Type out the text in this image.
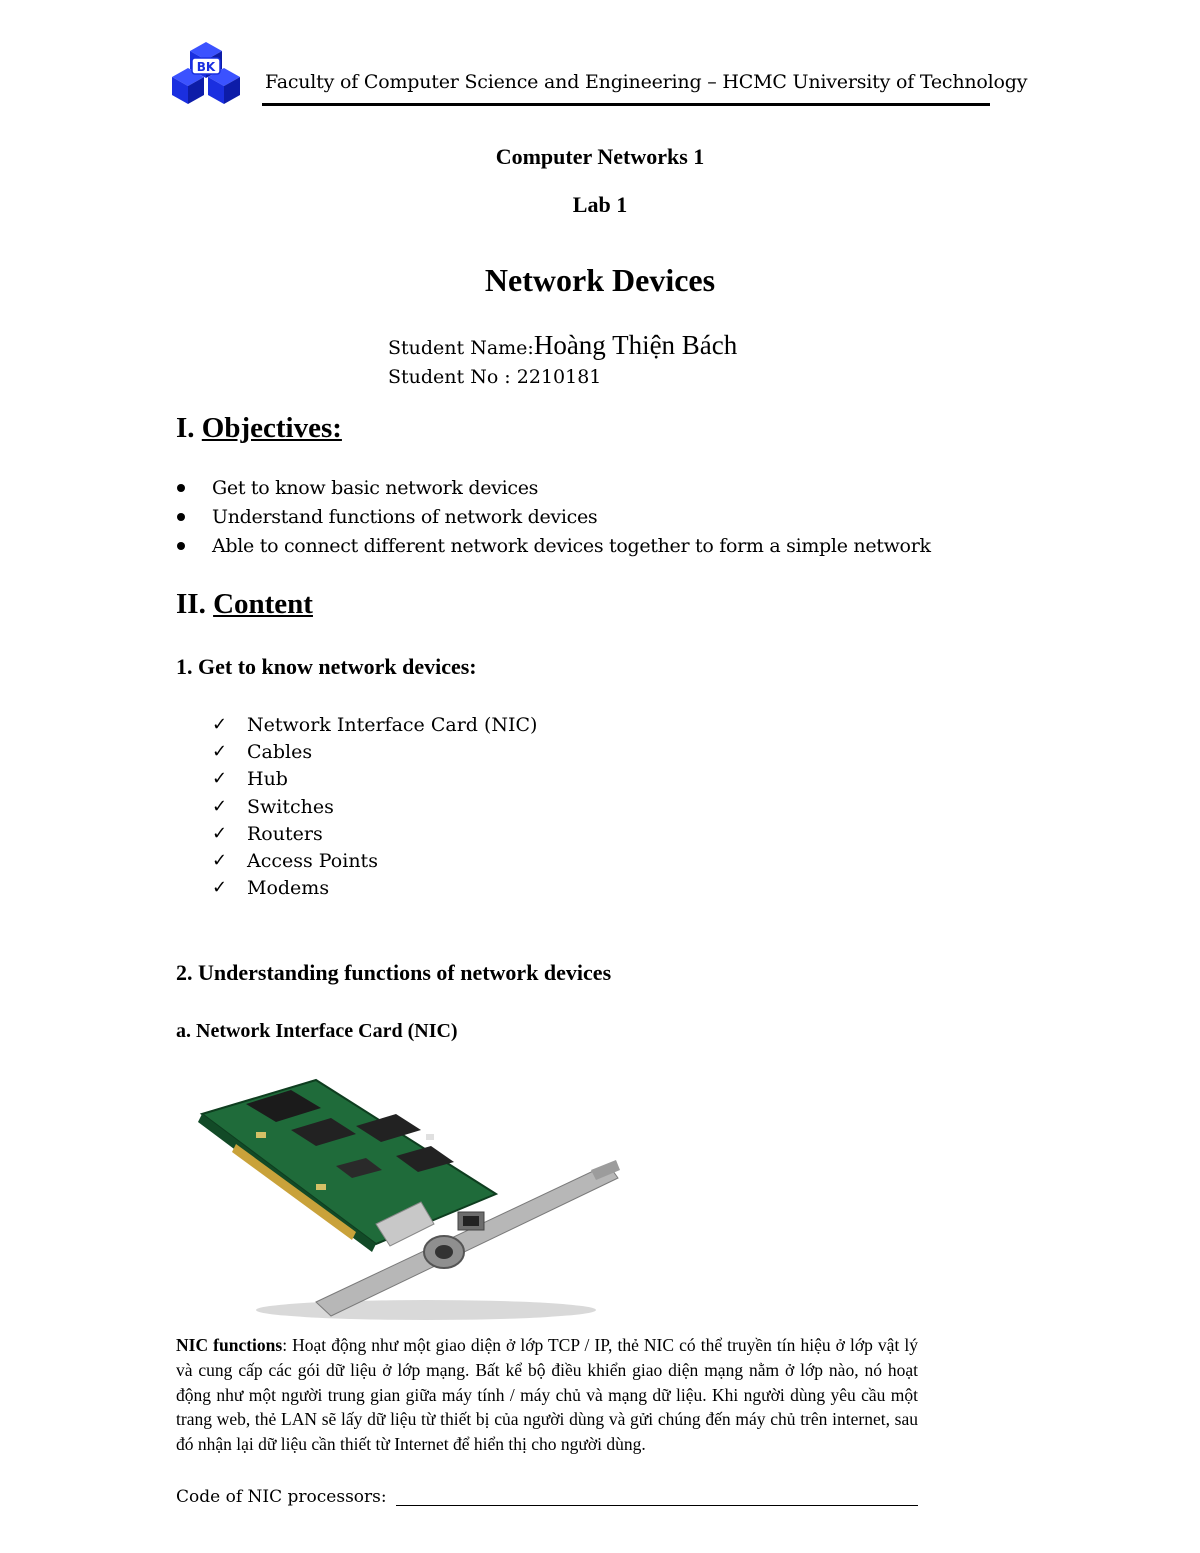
BK
Faculty of Computer Science and Engineering – HCMC University of Technology
Computer Networks 1
Lab 1
Network Devices
Student Name:Hoàng Thiện Bách
Student No : 2210181
I. Objectives:
Get to know basic network devices
Understand functions of network devices
Able to connect different network devices together to form a simple network
II. Content
1. Get to know network devices:
✓ Network Interface Card (NIC)
✓ Cables
✓ Hub
✓ Switches
✓ Routers
✓ Access Points
✓ Modems
2. Understanding functions of network devices
a. Network Interface Card (NIC)
NIC functions: Hoạt động như một giao diện ở lớp TCP / IP, thẻ NIC có thể truyền tín hiệu ở lớp vật lý và cung cấp các gói dữ liệu ở lớp mạng. Bất kể bộ điều khiển giao diện mạng nằm ở lớp nào, nó hoạt động như một người trung gian giữa máy tính / máy chủ và mạng dữ liệu. Khi người dùng yêu cầu một trang web, thẻ LAN sẽ lấy dữ liệu từ thiết bị của người dùng và gửi chúng đến máy chủ trên internet, sau đó nhận lại dữ liệu cần thiết từ Internet để hiển thị cho người dùng.
Code of NIC processors:
